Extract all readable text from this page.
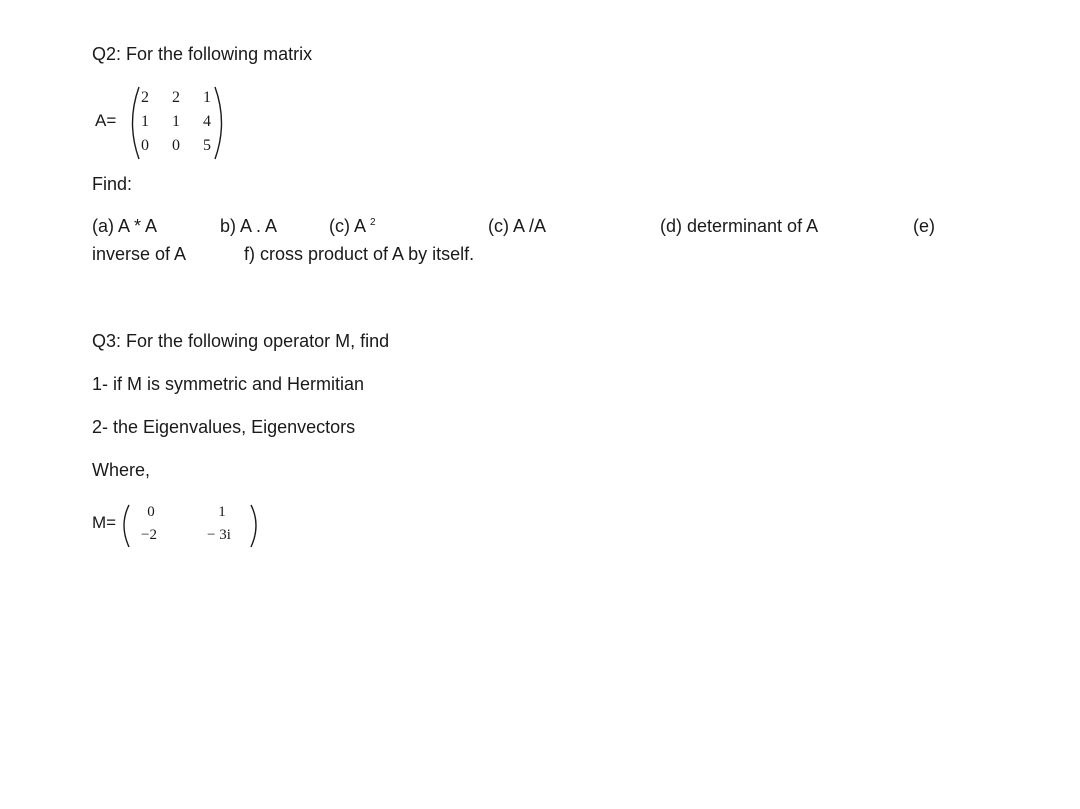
Q2: For the following matrix
A=
2 2 1
1 1 4
0 0 5
Find:
(a) A * A	b) A . A	(c) A $^2$	(c) A /A	(d) determinant of A	(e)
inverse of A	f) cross product of A by itself.
Q3: For the following operator M, find
1- if M is symmetric and Hermitian
2- the Eigenvalues, Eigenvectors
Where,
M=
0	1
−2	− 3i
